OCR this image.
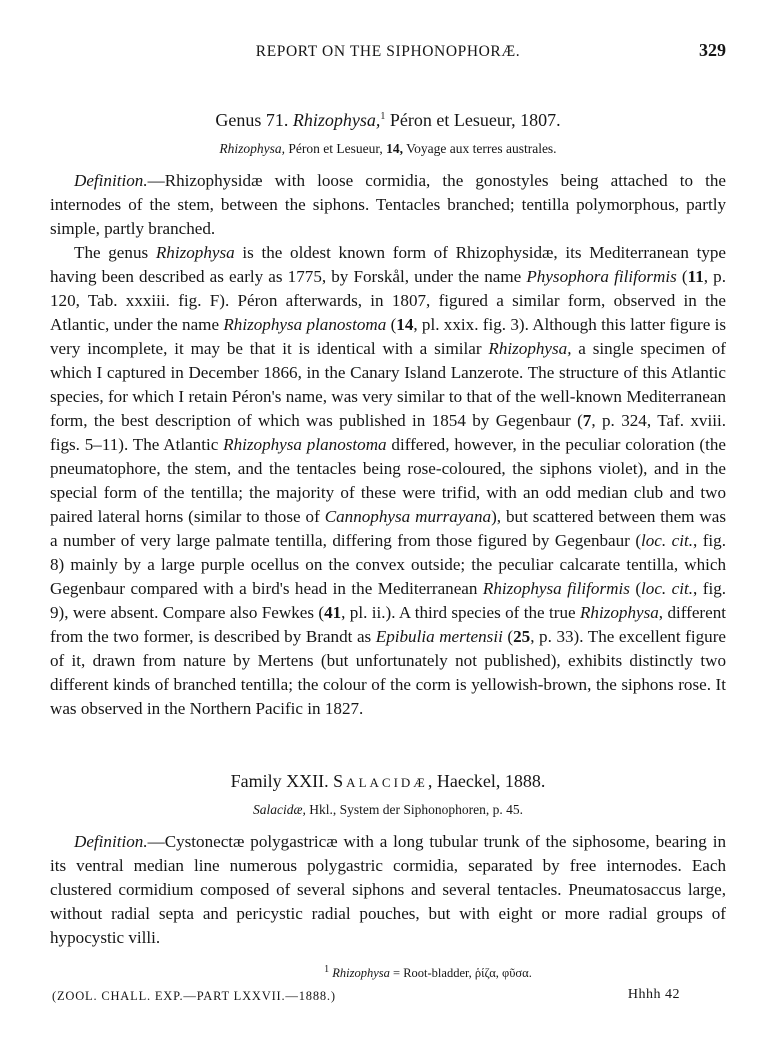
REPORT ON THE SIPHONOPHORÆ.	329
Genus 71. Rhizophysa,$^1$ Péron et Lesueur, 1807.
Rhizophysa, Péron et Lesueur, 14, Voyage aux terres australes.

Definition.—Rhizophysidæ with loose cormidia, the gonostyles being attached to the internodes of the stem, between the siphons. Tentacles branched; tentilla polymorphous, partly simple, partly branched.

The genus Rhizophysa is the oldest known form of Rhizophysidæ, its Mediterranean type having been described as early as 1775, by Forskål, under the name Physophora filiformis (11, p. 120, Tab. xxxiii. fig. F). Péron afterwards, in 1807, figured a similar form, observed in the Atlantic, under the name Rhizophysa planostoma (14, pl. xxix. fig. 3). Although this latter figure is very incomplete, it may be that it is identical with a similar Rhizophysa, a single specimen of which I captured in December 1866, in the Canary Island Lanzerote. The structure of this Atlantic species, for which I retain Péron's name, was very similar to that of the well-known Mediterranean form, the best description of which was published in 1854 by Gegenbaur (7, p. 324, Taf. xviii. figs. 5–11). The Atlantic Rhizophysa planostoma differed, however, in the peculiar coloration (the pneumatophore, the stem, and the tentacles being rose-coloured, the siphons violet), and in the special form of the tentilla; the majority of these were trifid, with an odd median club and two paired lateral horns (similar to those of Cannophysa murrayana), but scattered between them was a number of very large palmate tentilla, differing from those figured by Gegenbaur (loc. cit., fig. 8) mainly by a large purple ocellus on the convex outside; the peculiar calcarate tentilla, which Gegenbaur compared with a bird's head in the Mediterranean Rhizophysa filiformis (loc. cit., fig. 9), were absent. Compare also Fewkes (41, pl. ii.). A third species of the true Rhizophysa, different from the two former, is described by Brandt as Epibulia mertensii (25, p. 33). The excellent figure of it, drawn from nature by Mertens (but unfortunately not published), exhibits distinctly two different kinds of branched tentilla; the colour of the corm is yellowish-brown, the siphons rose. It was observed in the Northern Pacific in 1827.

Family XXII. Salacidæ, Haeckel, 1888.
Salacidæ, Hkl., System der Siphonophoren, p. 45.

Definition.—Cystonectæ polygastricæ with a long tubular trunk of the siphosome, bearing in its ventral median line numerous polygastric cormidia, separated by free internodes. Each clustered cormidium composed of several siphons and several tentacles. Pneumatosaccus large, without radial septa and pericystic radial pouches, but with eight or more radial groups of hypocystic villi.

$^1$ Rhizophysa = Root-bladder, ῥίζα, φῦσα.
(ZOOL. CHALL. EXP.—PART LXXVII.—1888.)	Hhhh 42
